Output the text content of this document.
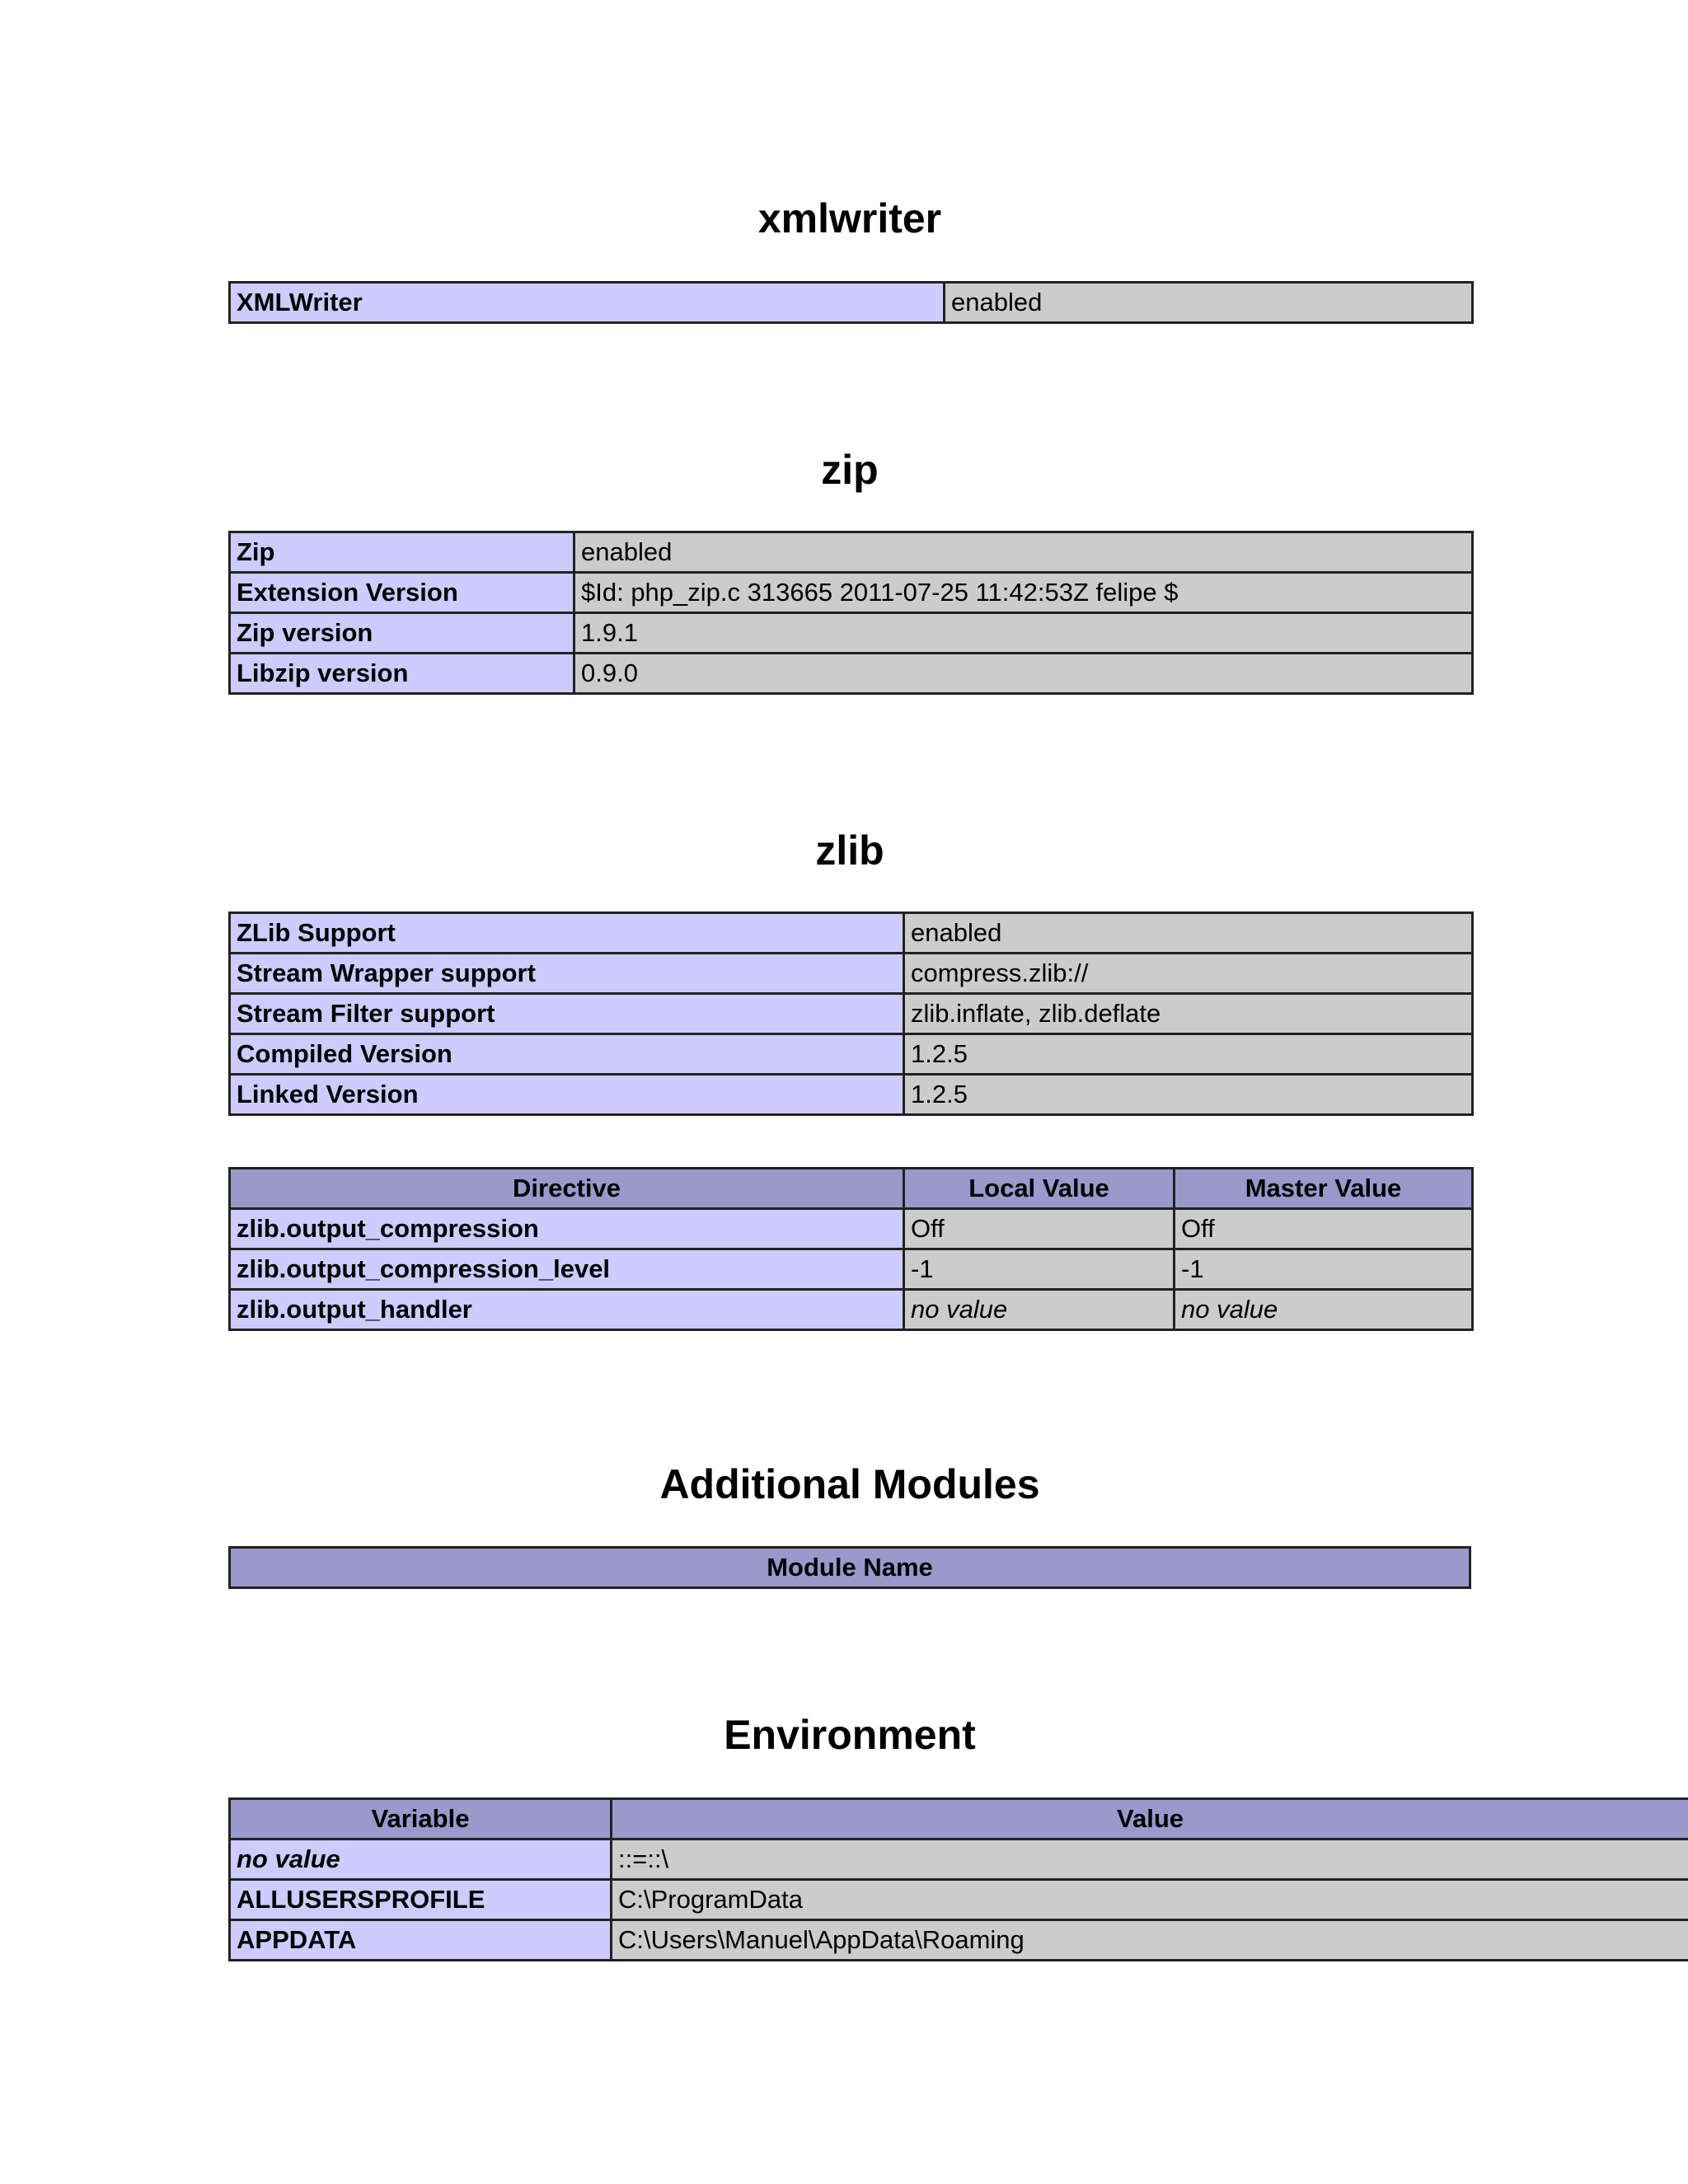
xmlwriter
XMLWriter	enabled
zip
Zip	enabled
Extension Version	$Id: php_zip.c 313665 2011-07-25 11:42:53Z felipe $
Zip version	1.9.1
Libzip version	0.9.0
zlib
ZLib Support	enabled
Stream Wrapper support	compress.zlib://
Stream Filter support	zlib.inflate, zlib.deflate
Compiled Version	1.2.5
Linked Version	1.2.5
Directive	Local Value	Master Value
zlib.output_compression	Off	Off
zlib.output_compression_level	-1	-1
zlib.output_handler	no value	no value
Additional Modules
Module Name
Environment
Variable	Value
no value	::=::\
ALLUSERSPROFILE	C:\ProgramData
APPDATA	C:\Users\Manuel\AppData\Roaming
